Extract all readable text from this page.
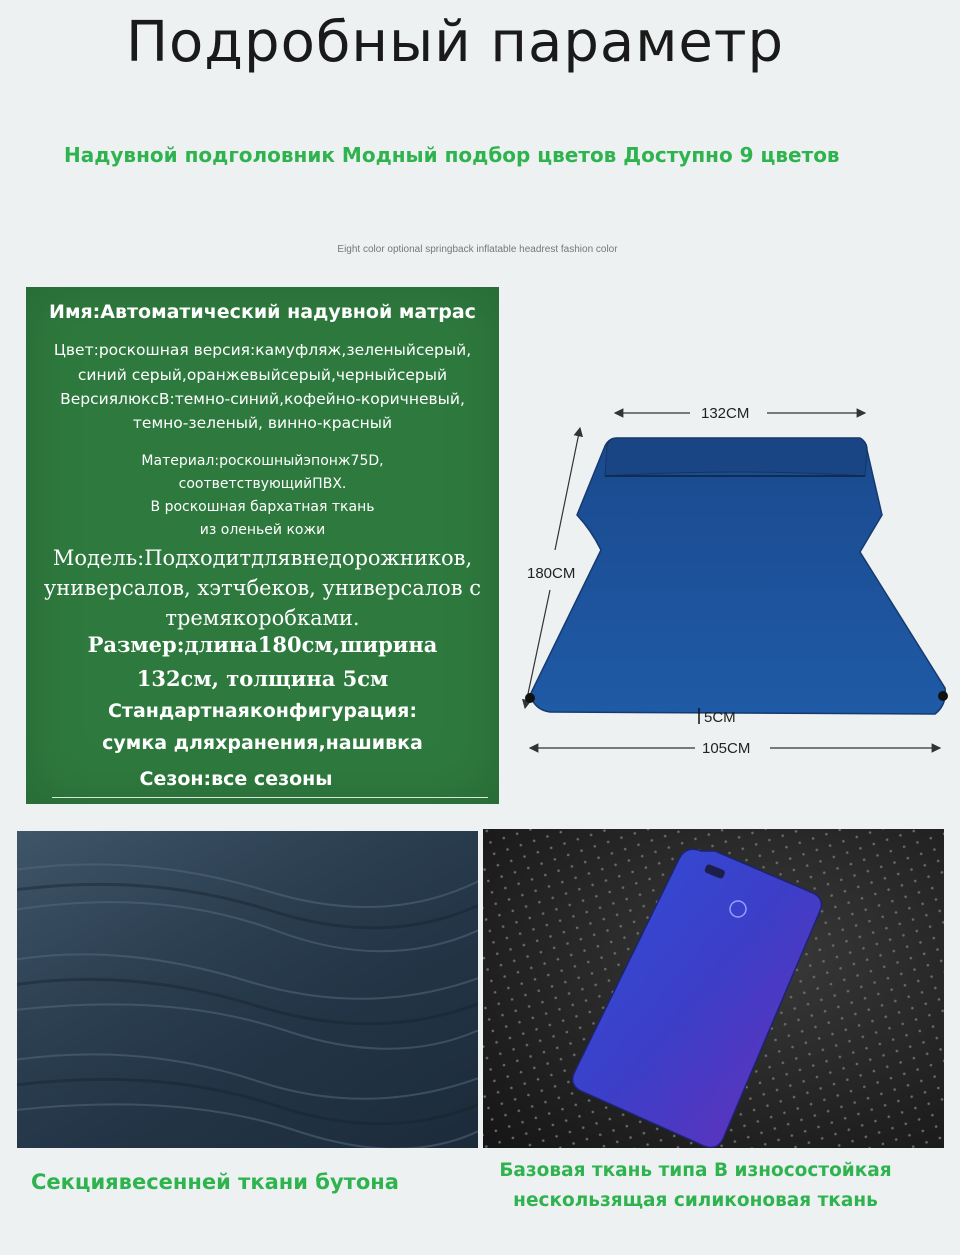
Подробный параметр
Надувной подголовник Модный подбор цветов Доступно 9 цветов
Eight color optional springback inflatable headrest fashion color
Имя:Автоматический надувной матрас
Цвет:роскошная версия:камуфляж,зеленыйсерый,
синий серый,оранжевыйсерый,черныйсерый
ВерсиялюксB:темно-синий,кофейно-коричневый,
темно-зеленый, винно-красный
Материал:роскошныйэпонж75D,
соответствующийПВХ.
В роскошная бархатная ткань
из оленьей кожи
Модель:Подходитдлявнедорожников,
универсалов, хэтчбеков, универсалов с
тремякоробками.
Размер:длина180см,ширина
132см, толщина 5см
Стандартнаяконфигурация:
сумка дляхранения,нашивка
Сезон:все сезоны
132CM
180CM
5CM
105CM
Секциявесенней ткани бутона	Базовая ткань типа B износостойкая
нескользящая силиконовая ткань
